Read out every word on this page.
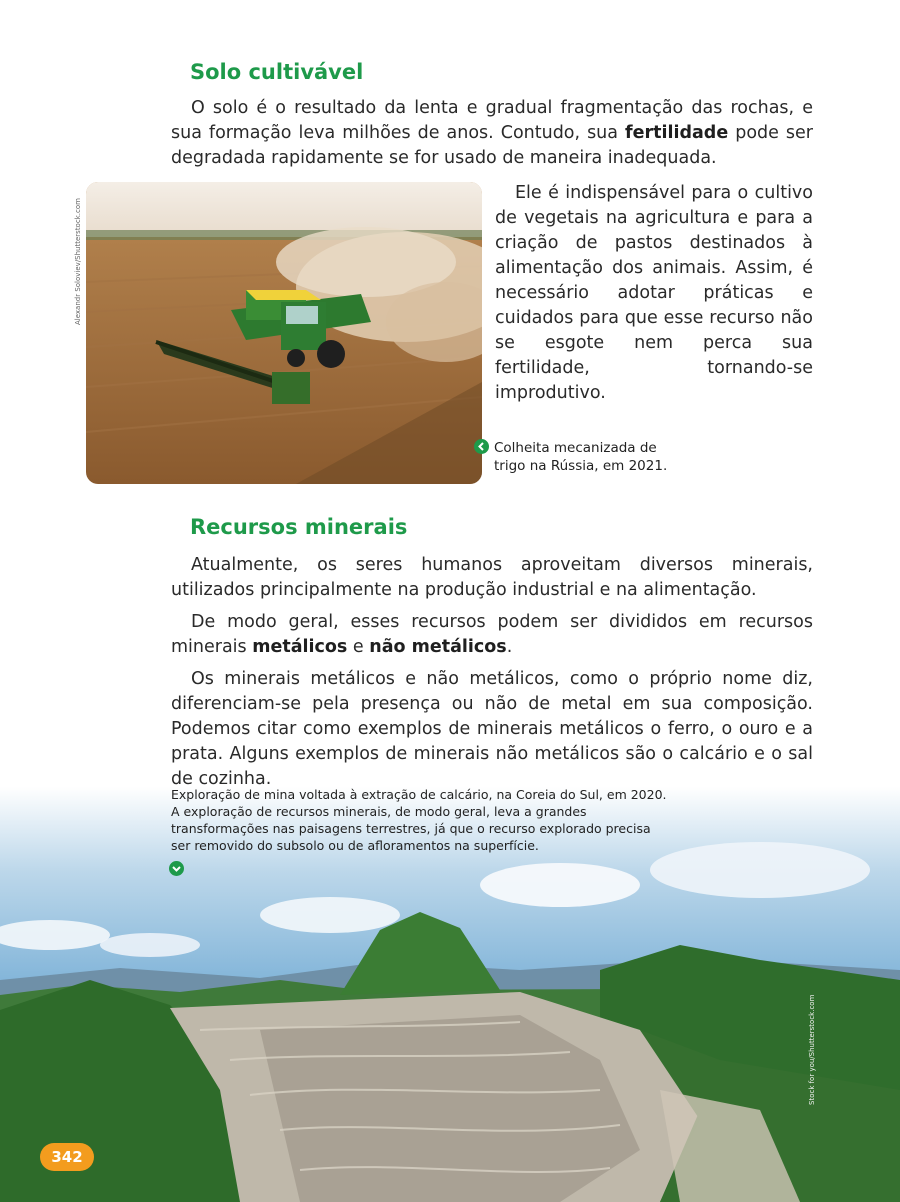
Solo cultivável

O solo é o resultado da lenta e gradual fragmentação das rochas, e sua formação leva milhões de anos. Contudo, sua fertilidade pode ser degradada rapidamente se for usado de maneira inadequada.

Alexandr Soloviev/Shutterstock.com

Ele é indispensável para o cultivo de vegetais na agricultura e para a criação de pastos destinados à alimentação dos animais. Assim, é necessário adotar práticas e cuidados para que esse recurso não se esgote nem perca sua fertilidade, tornando-se improdutivo.

Colheita mecanizada de trigo na Rússia, em 2021.

Recursos minerais

Atualmente, os seres humanos aproveitam diversos minerais, utilizados principalmente na produção industrial e na alimentação.

De modo geral, esses recursos podem ser divididos em recursos minerais metálicos e não metálicos.

Os minerais metálicos e não metálicos, como o próprio nome diz, diferenciam-se pela presença ou não de metal em sua composição. Podemos citar como exemplos de minerais metálicos o ferro, o ouro e a prata. Alguns exemplos de minerais não metálicos são o calcário e o sal de cozinha.

Exploração de mina voltada à extração de calcário, na Coreia do Sul, em 2020. A exploração de recursos minerais, de modo geral, leva a grandes transformações nas paisagens terrestres, já que o recurso explorado precisa ser removido do subsolo ou de afloramentos na superfície.

Stock for you/Shutterstock.com
342
